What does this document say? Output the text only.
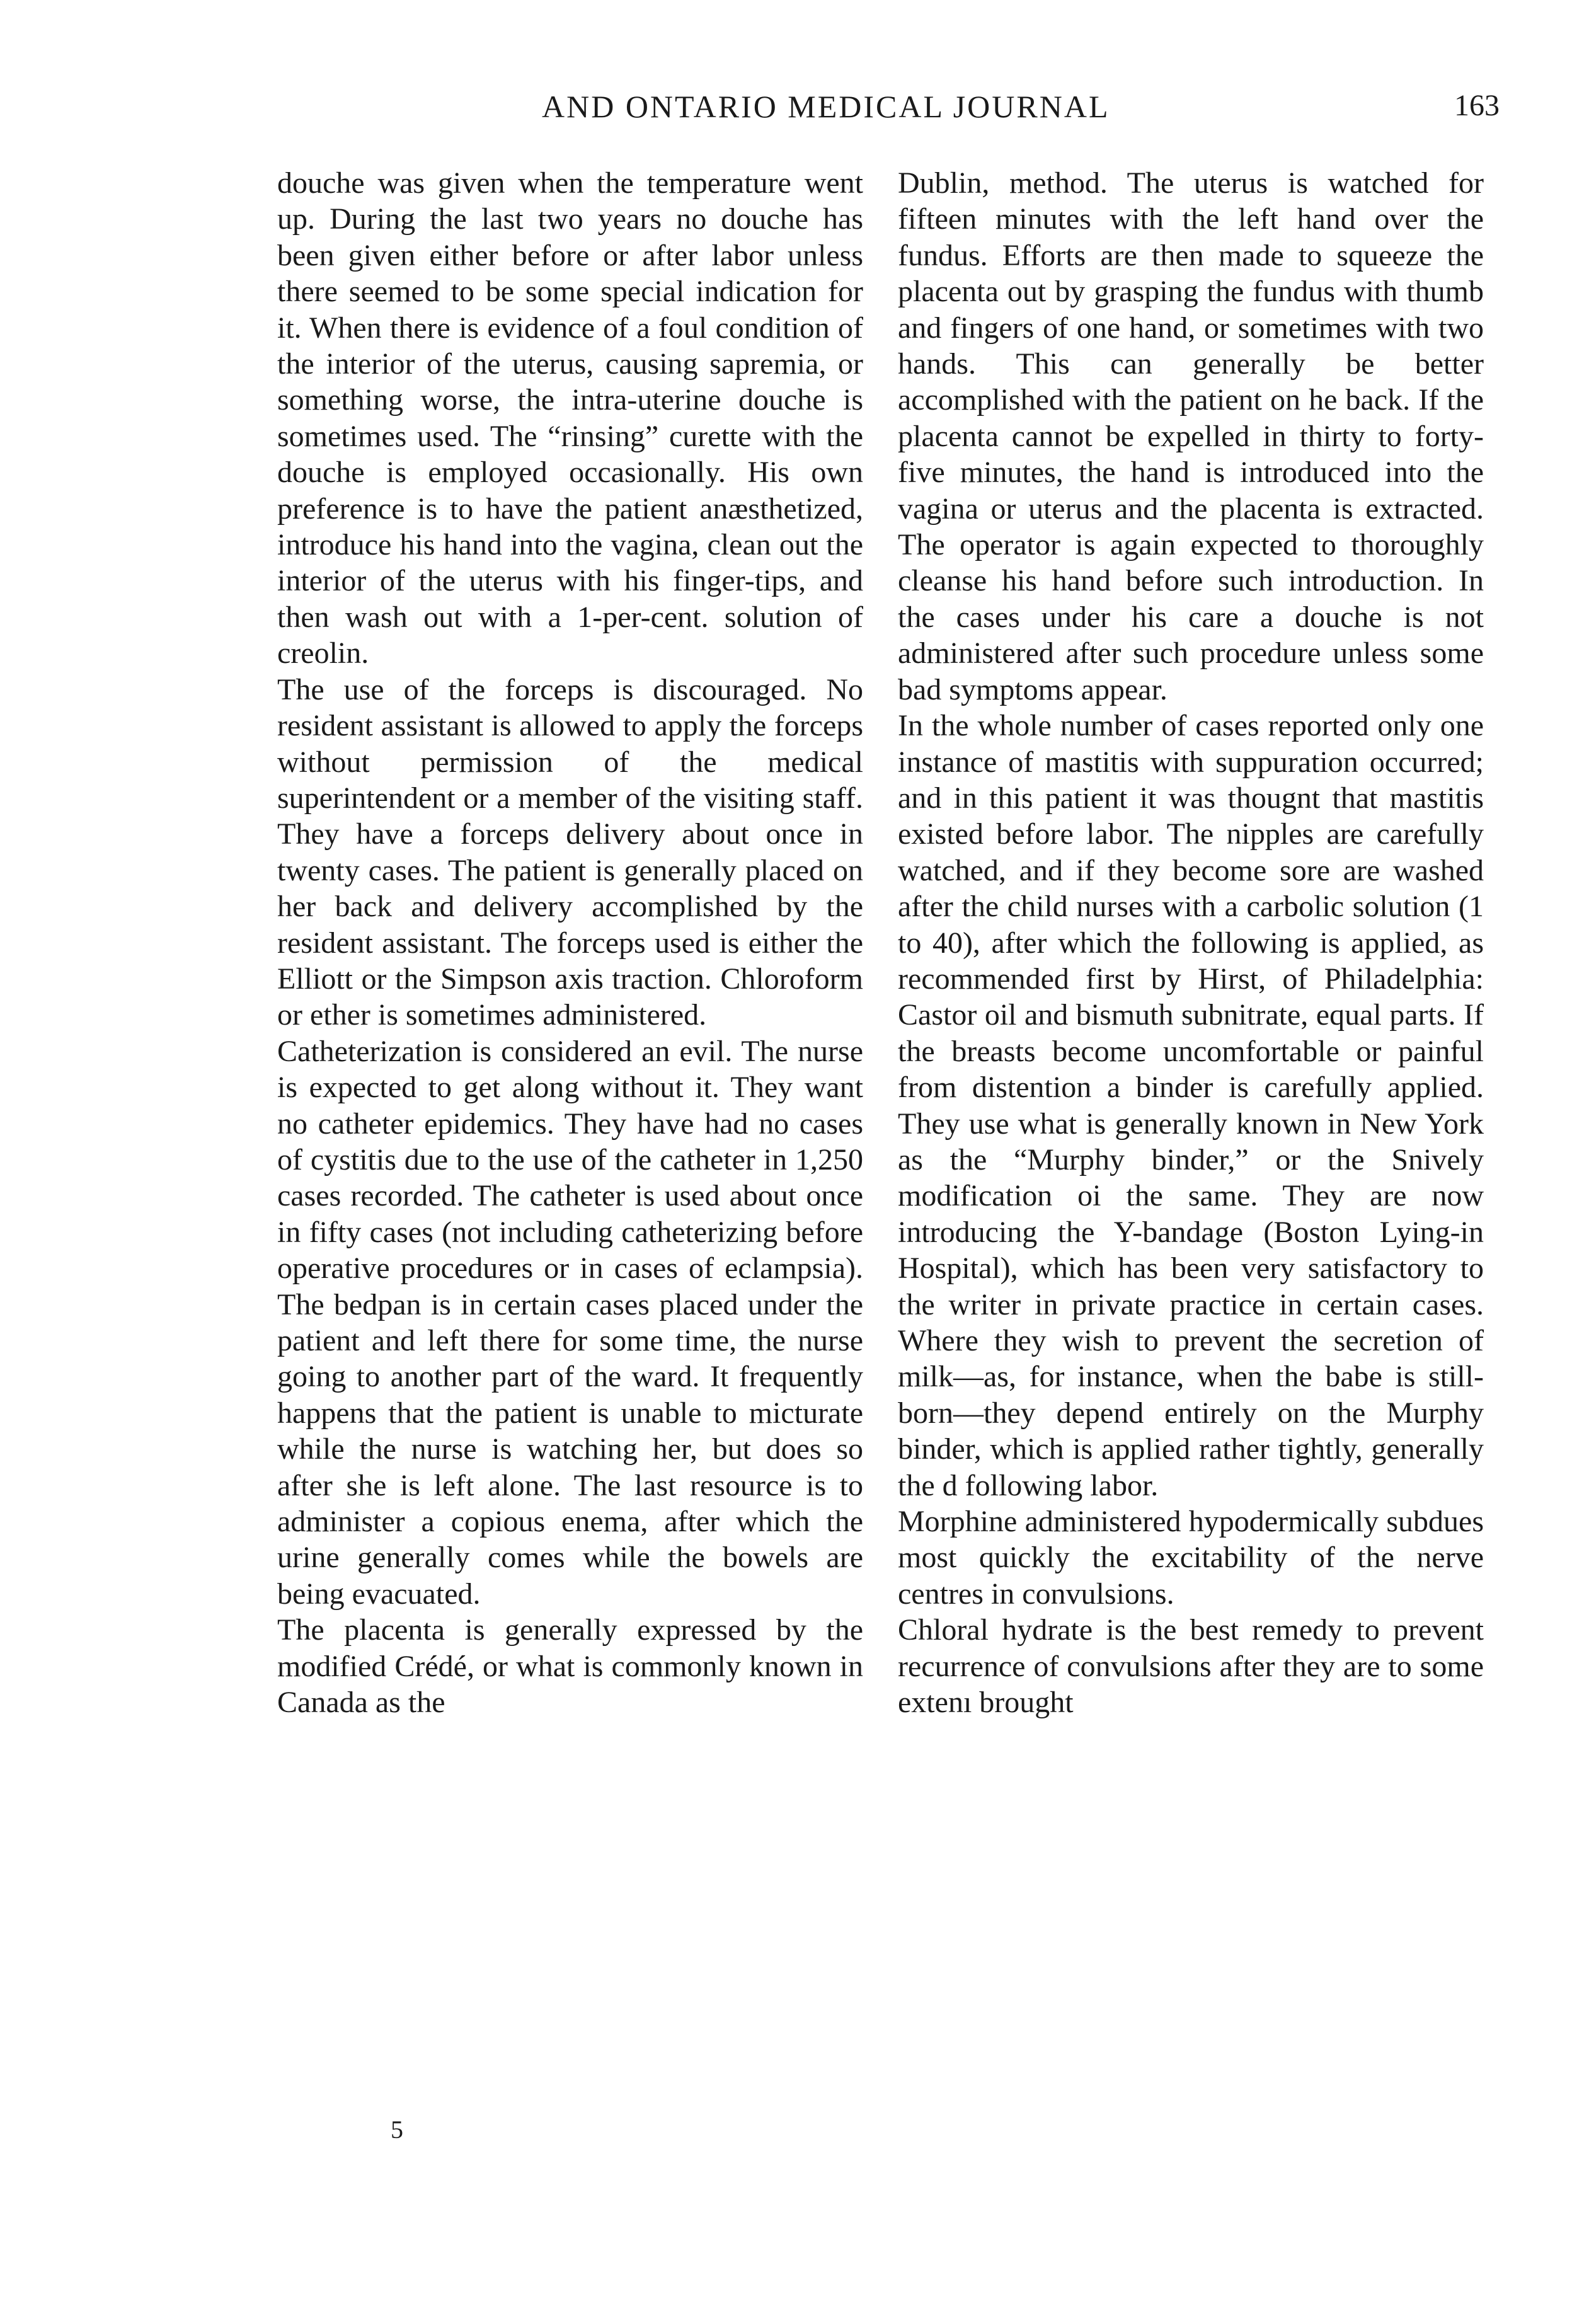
AND ONTARIO MEDICAL JOURNAL	163

douche was given when the temperature went up. During the last two years no douche has been given either before or after labor unless there seemed to be some special indication for it. When there is evidence of a foul condition of the interior of the uterus, causing sapremia, or something worse, the intra-uterine douche is sometimes used. The “rinsing” curette with the douche is employed occasionally. His own preference is to have the patient anæsthetized, introduce his hand into the vagina, clean out the interior of the uterus with his finger-tips, and then wash out with a 1-per-cent. solution of creolin.

The use of the forceps is discouraged. No resident assistant is allowed to apply the forceps without permission of the medical superintendent or a member of the visiting staff. They have a forceps delivery about once in twenty cases. The patient is generally placed on her back and delivery accomplished by the resident assistant. The forceps used is either the Elliott or the Simpson axis traction. Chloroform or ether is sometimes administered.

Catheterization is considered an evil. The nurse is expected to get along without it. They want no catheter epidemics. They have had no cases of cystitis due to the use of the catheter in 1,250 cases recorded. The catheter is used about once in fifty cases (not including catheterizing before operative procedures or in cases of eclampsia). The bedpan is in certain cases placed under the patient and left there for some time, the nurse going to another part of the ward. It frequently happens that the patient is unable to micturate while the nurse is watching her, but does so after she is left alone. The last resource is to administer a copious enema, after which the urine generally comes while the bowels are being evacuated.

The placenta is generally expressed by the modified Crédé, or what is commonly known in Canada as the

Dublin, method. The uterus is watched for fifteen minutes with the left hand over the fundus. Efforts are then made to squeeze the placenta out by grasping the fundus with thumb and fingers of one hand, or sometimes with two hands. This can generally be better accomplished with the patient on he back. If the placenta cannot be expelled in thirty to forty-five minutes, the hand is introduced into the vagina or uterus and the placenta is extracted. The operator is again expected to thoroughly cleanse his hand before such introduction. In the cases under his care a douche is not administered after such procedure unless some bad symptoms appear.

In the whole number of cases reported only one instance of mastitis with suppuration occurred; and in this patient it was thougnt that mastitis existed before labor. The nipples are carefully watched, and if they become sore are washed after the child nurses with a carbolic solution (1 to 40), after which the following is applied, as recommended first by Hirst, of Philadelphia: Castor oil and bismuth subnitrate, equal parts. If the breasts become uncomfortable or painful from distention a binder is carefully applied. They use what is generally known in New York as the “Murphy binder,” or the Snively modification oi the same. They are now introducing the Y-bandage (Boston Lying-in Hospital), which has been very satisfactory to the writer in private practice in certain cases. Where they wish to prevent the secretion of milk—as, for instance, when the babe is still-born—they depend entirely on the Murphy binder, which is applied rather tightly, generally the d following labor.

Morphine administered hypodermically subdues most quickly the excitability of the nerve centres in convulsions.

Chloral hydrate is the best remedy to prevent recurrence of convulsions after they are to some extenı brought

5
